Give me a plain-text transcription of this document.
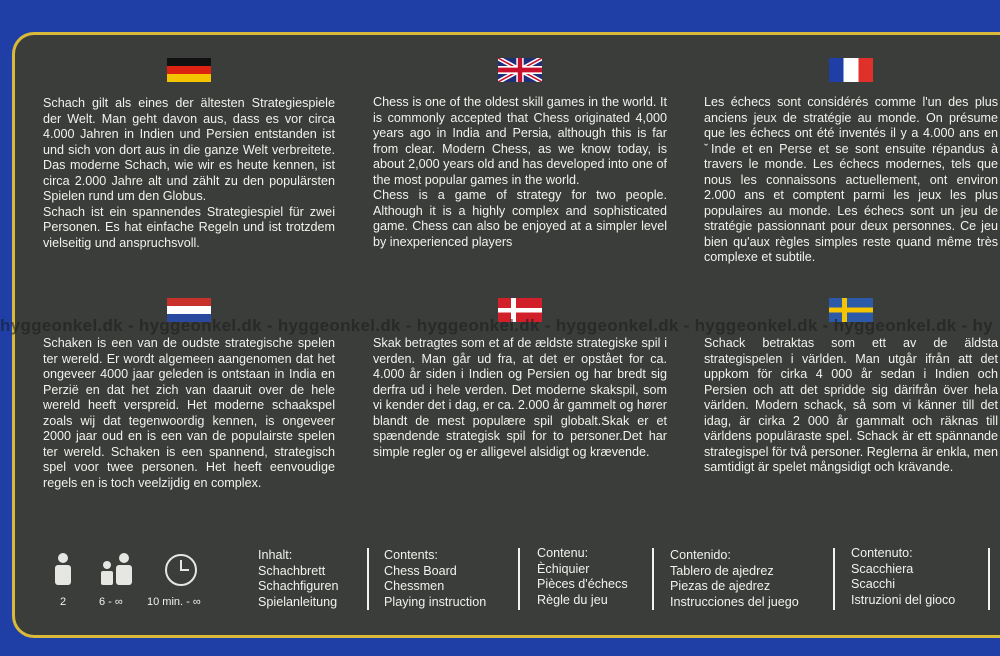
Schach gilt als eines der ältesten Strategiespiele der Welt. Man geht davon aus, dass es vor circa 4.000 Jahren in Indien und Persien entstanden ist und sich von dort aus in die ganze Welt verbreitete. Das moderne Schach, wie wir es heute kennen, ist circa 2.000 Jahre alt und zählt zu den populärsten Spielen rund um den Globus.
Schach ist ein spannendes Strategiespiel für zwei Personen. Es hat einfache Regeln und ist trotzdem vielseitig und anspruchsvoll.
Chess is one of the oldest skill games in the world. It is commonly accepted that Chess originated 4,000 years ago in India and Persia, although this is far from clear. Modern Chess, as we know today, is about 2,000 years old and has developed into one of the most popular games in the world.
Chess is a game of strategy for two people. Although it is a highly complex and sophisticated game. Chess can also be enjoyed at a simpler level by inexperienced players
Les échecs sont considérés comme l'un des plus anciens jeux de stratégie au monde. On présume que les échecs ont été inventés il y a 4.000 ans en ˇInde et en Perse et se sont ensuite répandus à travers le monde. Les échecs modernes, tels que nous les connaissons actuellement, ont environ 2.000 ans et comptent parmi les jeux les plus populaires au monde. Les échecs sont un jeu de stratégie passionnant pour deux personnes. Ce jeu bien qu'aux règles simples reste quand même très complexe et subtile.
hyggeonkel.dk - hyggeonkel.dk - hyggeonkel.dk - hyggeonkel.dk - hyggeonkel.dk - hyggeonkel.dk - hyggeonkel.dk - hy
Schaken is een van de oudste strategische spelen ter wereld. Er wordt algemeen aangenomen dat het ongeveer 4000 jaar geleden is ontstaan in India en Perzië en dat het zich van daaruit over de hele wereld heeft verspreid. Het moderne schaakspel zoals wij dat tegenwoordig kennen, is ongeveer 2000 jaar oud en is een van de populairste spelen ter wereld. Schaken is een spannend, strategisch spel voor twee personen. Het heeft eenvoudige regels en is toch veelzijdig en complex.
Skak betragtes som et af de ældste strategiske spil i verden. Man går ud fra, at det er opstået for ca. 4.000 år siden i Indien og Persien og har bredt sig derfra ud i hele verden. Det moderne skakspil, som vi kender det i dag, er ca. 2.000 år gammelt og hører blandt de mest populære spil globalt.Skak er et spændende strategisk spil for to personer.Det har simple regler og er alligevel alsidigt og krævende.
Schack betraktas som ett av de äldsta strategispelen i världen. Man utgår ifrån att det uppkom för cirka 4 000 år sedan i Indien och Persien och att det spridde sig därifrån över hela världen. Modern schack, så som vi känner till det idag, är cirka 2 000 år gammalt och räknas till världens populäraste spel. Schack är ett spännande strategispel för två personer. Reglerna är enkla, men samtidigt är spelet mångsidigt och krävande.
2	6 - ∞ 10 min. - ∞
Inhalt:
Schachbrett
Schachfiguren
Spielanleitung
Contents:
Chess Board
Chessmen
Playing instruction
Contenu:
Èchiquier
Pièces d'échecs
Règle du jeu
Contenido:
Tablero de ajedrez
Piezas de ajedrez
Instrucciones del juego
Contenuto:
Scacchiera
Scacchi
Istruzioni del gioco
